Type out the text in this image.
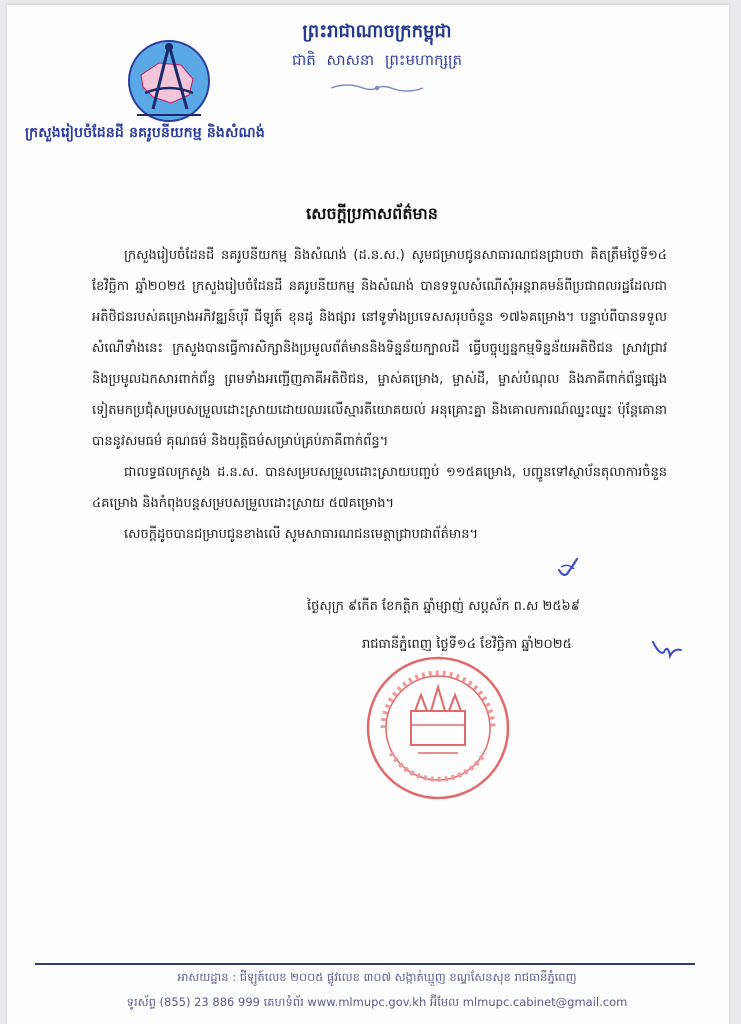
ក្រសួងរៀបចំដែនដី នគរូបនីយកម្ម និងសំណង់
ព្រះរាជាណាចក្រកម្ពុជា
ជាតិ សាសនា ព្រះមហាក្សត្រ
សេចក្ដីប្រកាសព័ត៌មាន

ក្រសួងរៀបចំដែនដី នគរូបនីយកម្ម និងសំណង់ (ដ.ន.ស.) សូមជម្រាបជូនសាធារណជនជ្រាបថា គិតត្រឹមថ្ងៃទី១៤ ខែវិច្ឆិកា ឆ្នាំ២០២៥ ក្រសួងរៀបចំដែនដី នគរូបនីយកម្ម និងសំណង់ បានទទួលសំណើសុំអន្តរាគមន៍ពីប្រជាពលរដ្ឋដែលជាអតិថិជនរបស់គម្រោងអភិវឌ្ឍន៍បុរី ជីឡូត៍ ខុនដូ និងផ្សារ នៅទូទាំងប្រទេសសរុបចំនួន ១៧៦គម្រោង។ បន្ទាប់ពីបានទទួលសំណើទាំងនេះ ក្រសួងបានធ្វើការសិក្សានិងប្រមូលព័ត៌មាននិងទិន្នន័យក្បាលដី ធ្វើបច្ចុប្បន្នកម្មទិន្នន័យអតិថិជន ស្រាវជ្រាវនិងប្រមូលឯកសារពាក់ព័ន្ធ ព្រមទាំងអញ្ជើញភាគីអតិថិជន, ម្ចាស់គម្រោង, ម្ចាស់ដី, ម្ចាស់បំណុល និងភាគីពាក់ព័ន្ធផ្សេងទៀតមកប្រជុំសម្របសម្រួលដោះស្រាយដោយឈរលើស្មារតីយោគយល់ អនុគ្រោះគ្នា និងគោលការណ៍ឈ្នះឈ្នះ ប៉ុន្តែគោនាបាននូវសមធម៌ គុណធម៌ និងយុត្តិធម៌សម្រាប់គ្រប់ភាគីពាក់ព័ន្ធ។

ជាលទ្ធផលក្រសួង ដ.ន.ស. បានសម្របសម្រួលដោះស្រាយបញ្ចប់ ១១៥គម្រោង, បញ្ជូនទៅស្ថាប័នតុលាការចំនួន ៤គម្រោង និងកំពុងបន្តសម្របសម្រួលដោះស្រាយ ៥៧គម្រោង។

សេចក្ដីដូចបានជម្រាបជូនខាងលើ សូមសាធារណជនមេត្តាជ្រាបជាព័ត៌មាន។

ថ្ងៃសុក្រ ៩កេីត ខែកត្តិក ឆ្នាំម្សាញ់ សប្តស័ក ព.ស ២៥៦៩
រាជធានីភ្នំពេញ ថ្ងៃទី១៤ ខែវិច្ឆិកា ឆ្នាំ២០២៥
អាសយដ្ឋាន : ជីឡូត៍លេខ ២០០៥ ផ្លូវលេខ ៣០៧ សង្កាត់ឃ្មួញ ខណ្ឌសែនសុខ រាជធានីភ្នំពេញ
ទូរស័ព្ទ (855) 23 886 999 គេហទំព័រ www.mlmupc.gov.kh អ៊ីមែល mlmupc.cabinet@gmail.com
